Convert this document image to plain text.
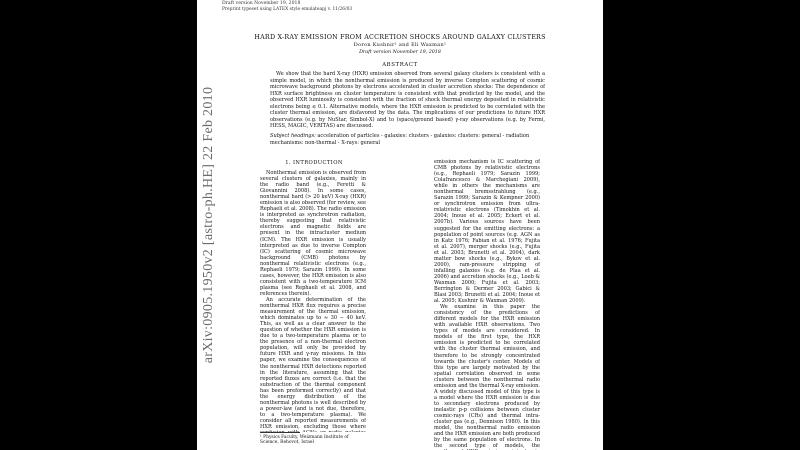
Draft version November 19, 2018
Preprint typeset using LATEX style emulateapj v. 11/26/03
HARD X-RAY EMISSION FROM ACCRETION SHOCKS AROUND GALAXY CLUSTERS
Doron Kushnir¹ and Eli Waxman¹
Draft version November 19, 2018
ABSTRACT

We show that the hard X-ray (HXR) emission observed from several galaxy clusters is consistent with a simple model, in which the nonthermal emission is produced by inverse Compton scattering of cosmic microwave background photons by electrons accelerated in cluster accretion shocks: The dependence of HXR surface brightness on cluster temperature is consistent with that predicted by the model, and the observed HXR luminosity is consistent with the fraction of shock thermal energy deposited in relativistic electrons being ≲ 0.1. Alternative models, where the HXR emission is predicted to be correlated with the cluster thermal emission, are disfavored by the data. The implications of our predictions to future HXR observations (e.g. by NuStar, Simbol-X) and to (space/ground based) γ-ray observations (e.g. by Fermi, HESS, MAGIC, VERITAS) are discussed.

Subject headings: acceleration of particles - galaxies: clusters - galaxies: clusters: general - radiation mechanisms: non-thermal - X-rays: general
1. INTRODUCTION

Nonthermal emission is observed from several clusters of galaxies, mainly in the radio band (e.g., Feretti & Giovannini 2008). In some cases, nonthermal hard (> 20 keV) X-ray (HXR) emission is also observed (for review, see Rephaeli et al. 2008). The radio emission is interpreted as synchrotron radiation, thereby suggesting that relativistic electrons and magnetic fields are present in the intracluster medium (ICM). The HXR emission is usually interpreted as due to inverse Compton (IC) scattering of cosmic microwave background (CMB) photons by nonthermal relativistic electrons (e.g., Rephaeli 1979; Sarazin 1999). In some cases, however, the HXR emission is also consistent with a two-temperature ICM plasma (see Rephaeli et al. 2008, and references therein).

An accurate determination of the nonthermal HXR flux requires a precise measurement of the thermal emission, which dominates up to ≈ 30 − 40 keV. This, as well as a clear answer to the question of whether the HXR emission is due to a two-temperature plasma or to the presence of a non-thermal electron population, will only be provided by future HXR and γ-ray missions. In this paper, we examine the consequences of the nonthermal HXR detections reported in the literature, assuming that the reported fluxes are correct (i.e. that the substraction of the thermal component has been preformed correctly) and that the energy distribution of the nonthermal photons is well described by a power-law (and is not due, therefore, to a two-temperature plasma). We consider all reported measurements of HXR emission, excluding those where

emission mechanism is IC scattering of CMB photons by relativistic electrons (e.g., Rephaeli 1979; Sarazin 1999; Colafrancesco & Marchegiani 2009), while in others the mechanisms are nonthermal bremsstrahlung (e.g., Sarazin 1999; Sarazin & Kempner 2000) or synchrotron emission from ultra-relativistic electrons (Timokhin et al. 2004; Inoue et al. 2005; Eckert et al. 2007b). Various sources have been suggested for the emitting electrons: a population of point sources (e.g. AGN as in Katz 1976; Fabian et al. 1976; Fujita et al. 2007), merger shocks (e.g., Fujita et al. 2003; Brunetti et al. 2004), dark matter bow shocks (e.g., Bykov et al. 2000), ram-pressure stripping of infalling galaxies (e.g. de Plaa et al. 2006) and accretion shocks (e.g., Loeb & Waxman 2000; Fujita et al. 2003; Berrington & Dermer 2003; Gabici & Blasi 2003; Brunetti et al. 2004; Inoue et al. 2005; Kushnir & Waxman 2009).

We examine in this paper the consistency of the predictions of different models for the HXR emission with available HXR observations. Two types of models are considered. In models of the first type, the HXR emission is predicted to be correlated with the cluster thermal emission, and therefore to be strongly concentrated towards the cluster's center. Models of this type are largely motivated by the spatial correlation observed in some clusters between the nonthermal radio emission and the thermal X-ray emission. A widely discussed model of this type is a model where the HXR emission is due to secondary electrons produced by inelastic p-p collisions between cluster cosmic-rays (CRs) and thermal intra-cluster gas (e.g., Dennison 1980). In this model, the nonthermal radio emission and the HXR emission are both produced by the same population of electrons. In the second type of models, the

¹ Physics Faculty, Weizmann Institute of Science, Rehovot, Israel
arXiv:0905.1950v2 [astro-ph.HE] 22 Feb 2010
